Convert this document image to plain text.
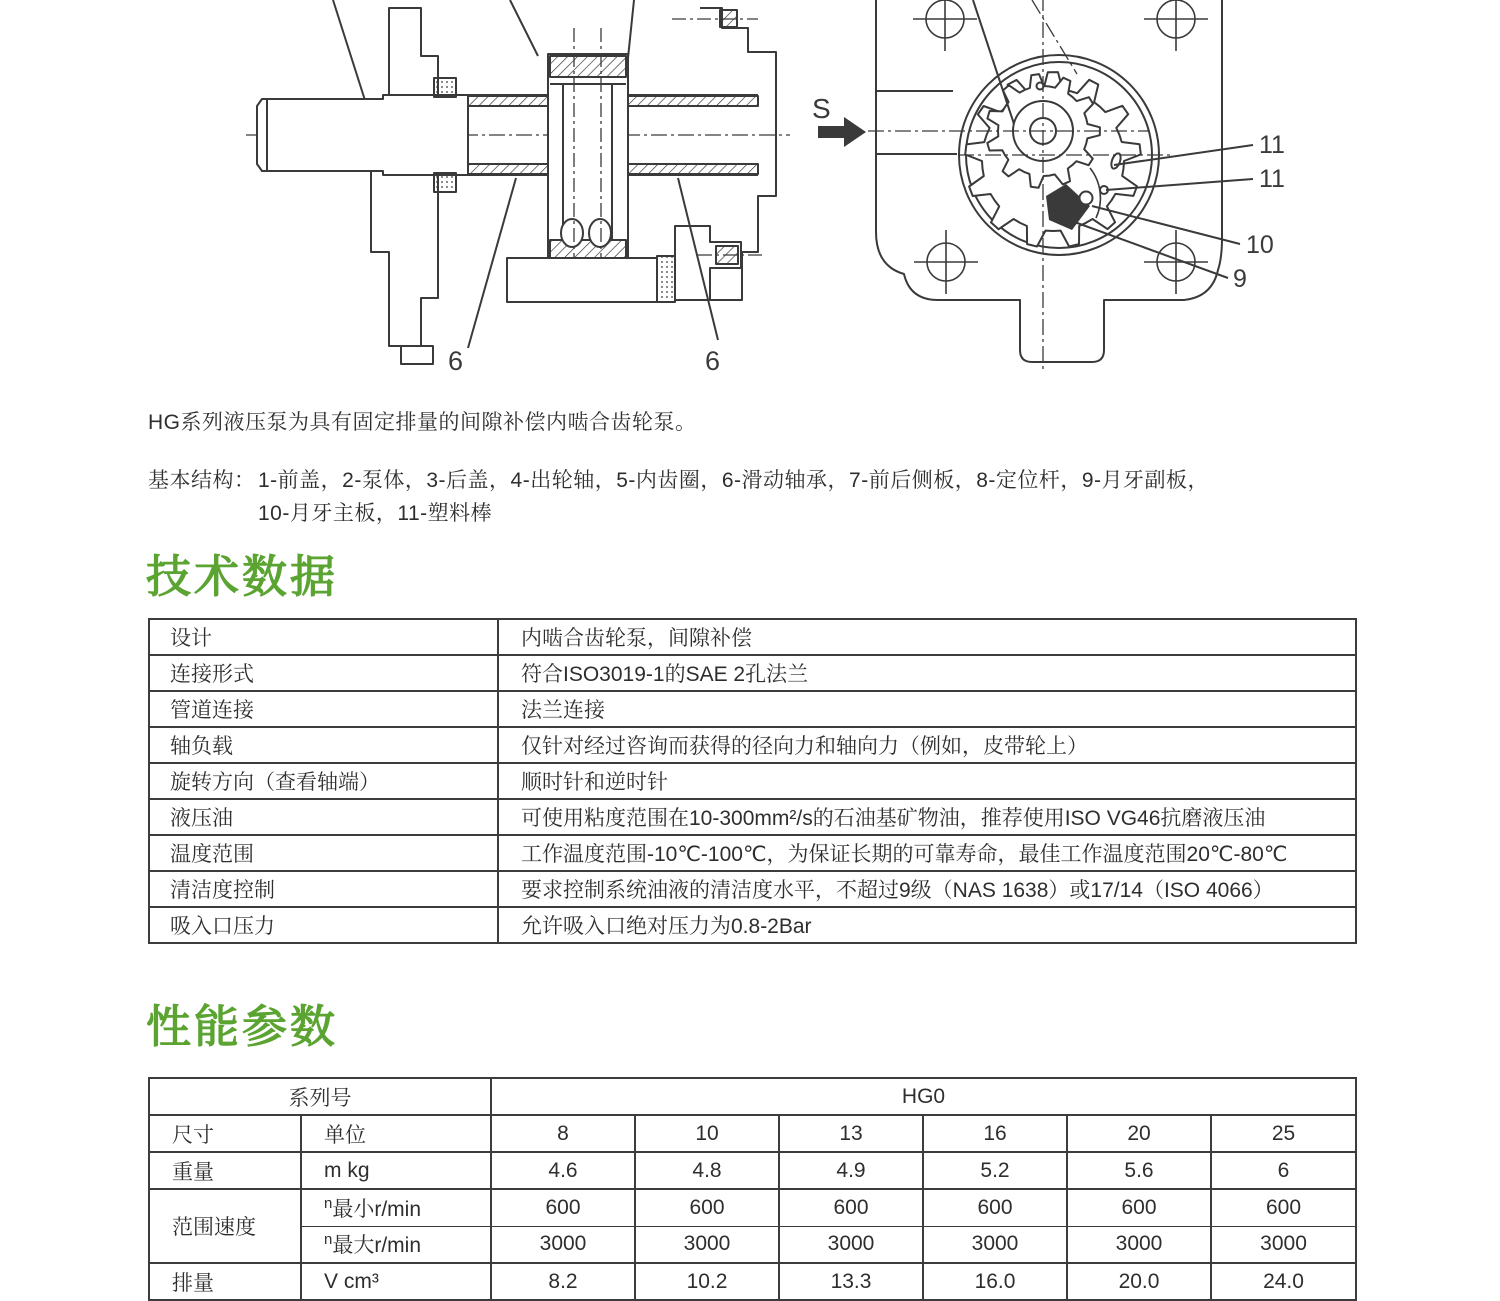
6	6
S
11
11
10
9
HG系列液压泵为具有固定排量的间隙补偿内啮合齿轮泵。
基本结构： 1-前盖，2-泵体，3-后盖，4-出轮轴，5-内齿圈，6-滑动轴承，7-前后侧板，8-定位杆，9-月牙副板，
10-月牙主板，11-塑料棒
技术数据
设计	内啮合齿轮泵，间隙补偿
连接形式	符合ISO3019-1的SAE 2孔法兰
管道连接	法兰连接
轴负载	仅针对经过咨询而获得的径向力和轴向力（例如，皮带轮上）
旋转方向（查看轴端）	顺时针和逆时针
液压油	可使用粘度范围在10-300mm²/s的石油基矿物油，推荐使用ISO VG46抗磨液压油
温度范围	工作温度范围-10℃-100℃，为保证长期的可靠寿命，最佳工作温度范围20℃-80℃
清洁度控制	要求控制系统油液的清洁度水平，不超过9级（NAS 1638）或17/14（ISO 4066）
吸入口压力	允许吸入口绝对压力为0.8-2Bar
性能参数
系列号		HG0					
尺寸	单位	8	10	13	16	20	25
重量	m kg	4.6	4.8	4.9	5.2	5.6	6
范围速度	$^n$最小r/min	600	600	600	600	600	600
	$^n$最大r/min	3000	3000	3000	3000	3000	3000
排量	V cm³	8.2	10.2	13.3	16.0	20.0	24.0
